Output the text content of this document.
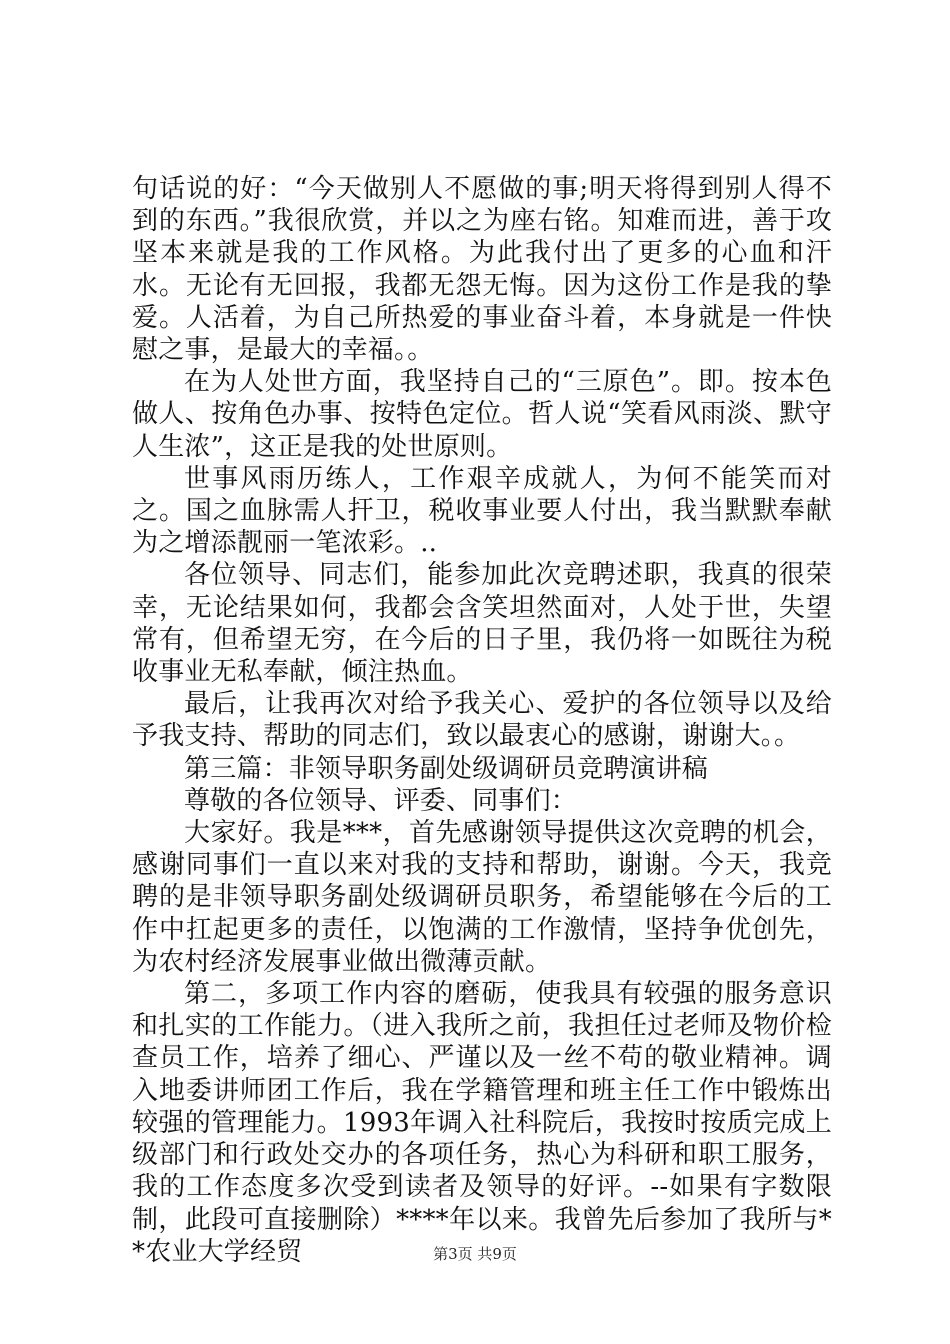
句话说的好：“今天做别人不愿做的事;明天将得到别人得不到的东西。”我很欣赏，并以之为座右铭。知难而进，善于攻坚本来就是我的工作风格。为此我付出了更多的心血和汗水。无论有无回报，我都无怨无悔。因为这份工作是我的挚爱。人活着，为自己所热爱的事业奋斗着，本身就是一件快慰之事，是最大的幸福。。

在为人处世方面，我坚持自己的“三原色”。即。按本色做人、按角色办事、按特色定位。哲人说“笑看风雨淡、默守人生浓”，这正是我的处世原则。

世事风雨历练人，工作艰辛成就人，为何不能笑而对之。国之血脉需人扞卫，税收事业要人付出，我当默默奉献为之增添靓丽一笔浓彩。..

各位领导、同志们，能参加此次竞聘述职，我真的很荣幸，无论结果如何，我都会含笑坦然面对，人处于世，失望常有，但希望无穷，在今后的日子里，我仍将一如既往为税收事业无私奉献，倾注热血。

最后，让我再次对给予我关心、爱护的各位领导以及给予我支持、帮助的同志们，致以最衷心的感谢，谢谢大。。

第三篇：非领导职务副处级调研员竞聘演讲稿

尊敬的各位领导、评委、同事们：

大家好。我是***，首先感谢领导提供这次竞聘的机会，感谢同事们一直以来对我的支持和帮助，谢谢。今天，我竞聘的是非领导职务副处级调研员职务，希望能够在今后的工作中扛起更多的责任，以饱满的工作激情，坚持争优创先，为农村经济发展事业做出微薄贡献。

第二，多项工作内容的磨砺，使我具有较强的服务意识和扎实的工作能力。（进入我所之前，我担任过老师及物价检查员工作，培养了细心、严谨以及一丝不苟的敬业精神。调入地委讲师团工作后，我在学籍管理和班主任工作中锻炼出较强的管理能力。1993年调入社科院后，我按时按质完成上级部门和行政处交办的各项任务，热心为科研和职工服务，我的工作态度多次受到读者及领导的好评。--如果有字数限制，此段可直接删除）****年以来。我曾先后参加了我所与**农业大学经贸	第3页 共9页
